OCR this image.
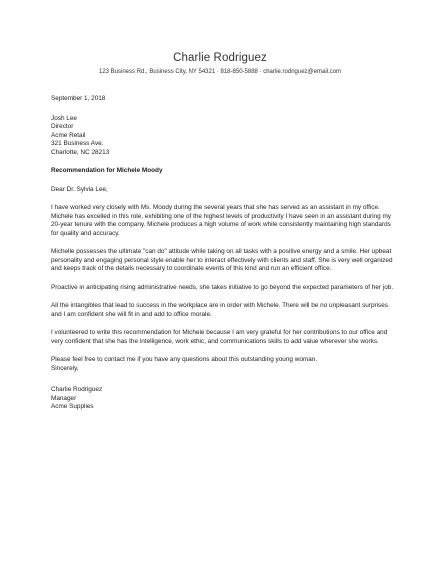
Charlie Rodriguez
123 Business Rd., Business City, NY 54321 · 818-850-5888 · charlie.rodriguez@email.com
September 1, 2018
Josh Lee
Director
Acme Retail
321 Business Ave.
Charlotte, NC 28213
Recommendation for Michele Moody
Dear Dr. Sylvia Lee,

I have worked very closely with Ms. Moody during the several years that she has served as an assistant in my office. Michele has excelled in this role, exhibiting one of the highest levels of productivity I have seen in an assistant during my 20-year tenure with the company. Michele produces a high volume of work while consistently maintaining high standards for quality and accuracy.

Michelle possesses the ultimate "can do" attitude while taking on all tasks with a positive energy and a smile. Her upbeat personality and engaging personal style enable her to interact effectively with clients and staff. She is very well organized and keeps track of the details necessary to coordinate events of this kind and run an efficient office.

Proactive in anticipating rising administrative needs, she takes initiative to go beyond the expected parameters of her job.

All the intangibles that lead to success in the workplace are in order with Michele. There will be no unpleasant surprises and I am confident she will fit in and add to office morale.

I volunteered to write this recommendation for Michele because I am very grateful for her contributions to our office and very confident that she has the intelligence, work ethic, and communications skills to add value wherever she works.

Please feel free to contact me if you have any questions about this outstanding young woman.

Sincerely,
Charlie Rodriguez
Manager
Acme Supplies
